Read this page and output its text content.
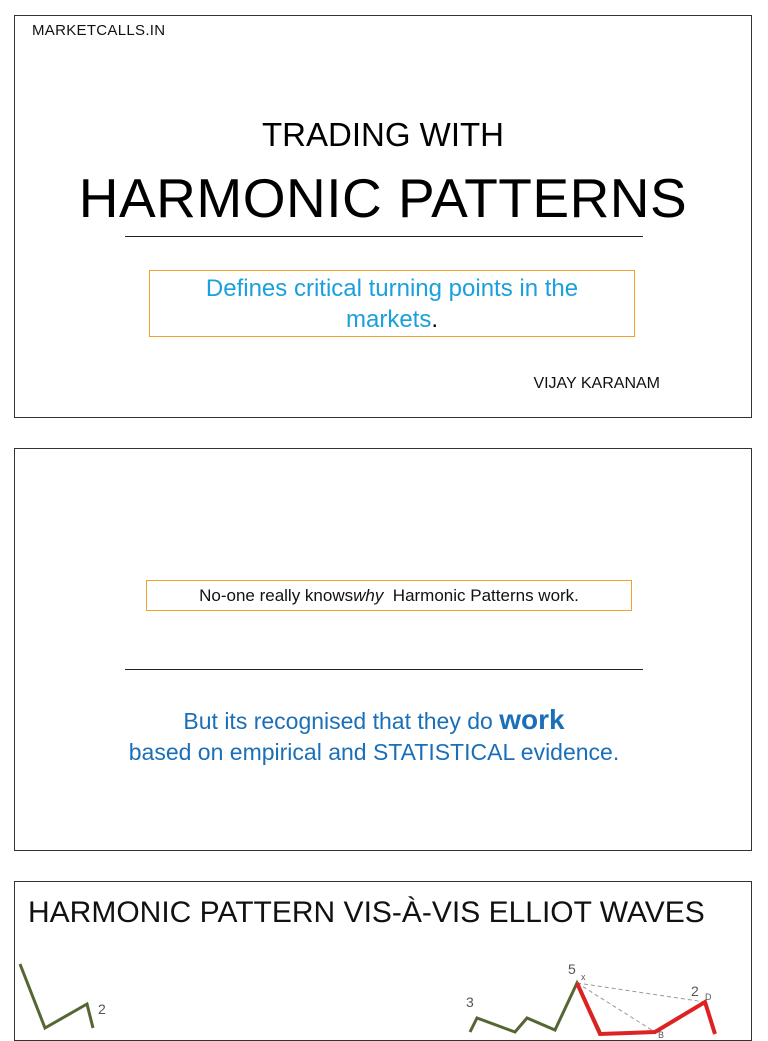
MARKETCALLS.IN
TRADING WITH
HARMONIC PATTERNS
Defines critical turning points in the markets.
VIJAY KARANAM
No-one really knows why Harmonic Patterns work.
But its recognised that they do work
based on empirical and STATISTICAL evidence.
HARMONIC PATTERN VIS-À-VIS ELLIOT WAVES
2	3
5 x
2 D
B
